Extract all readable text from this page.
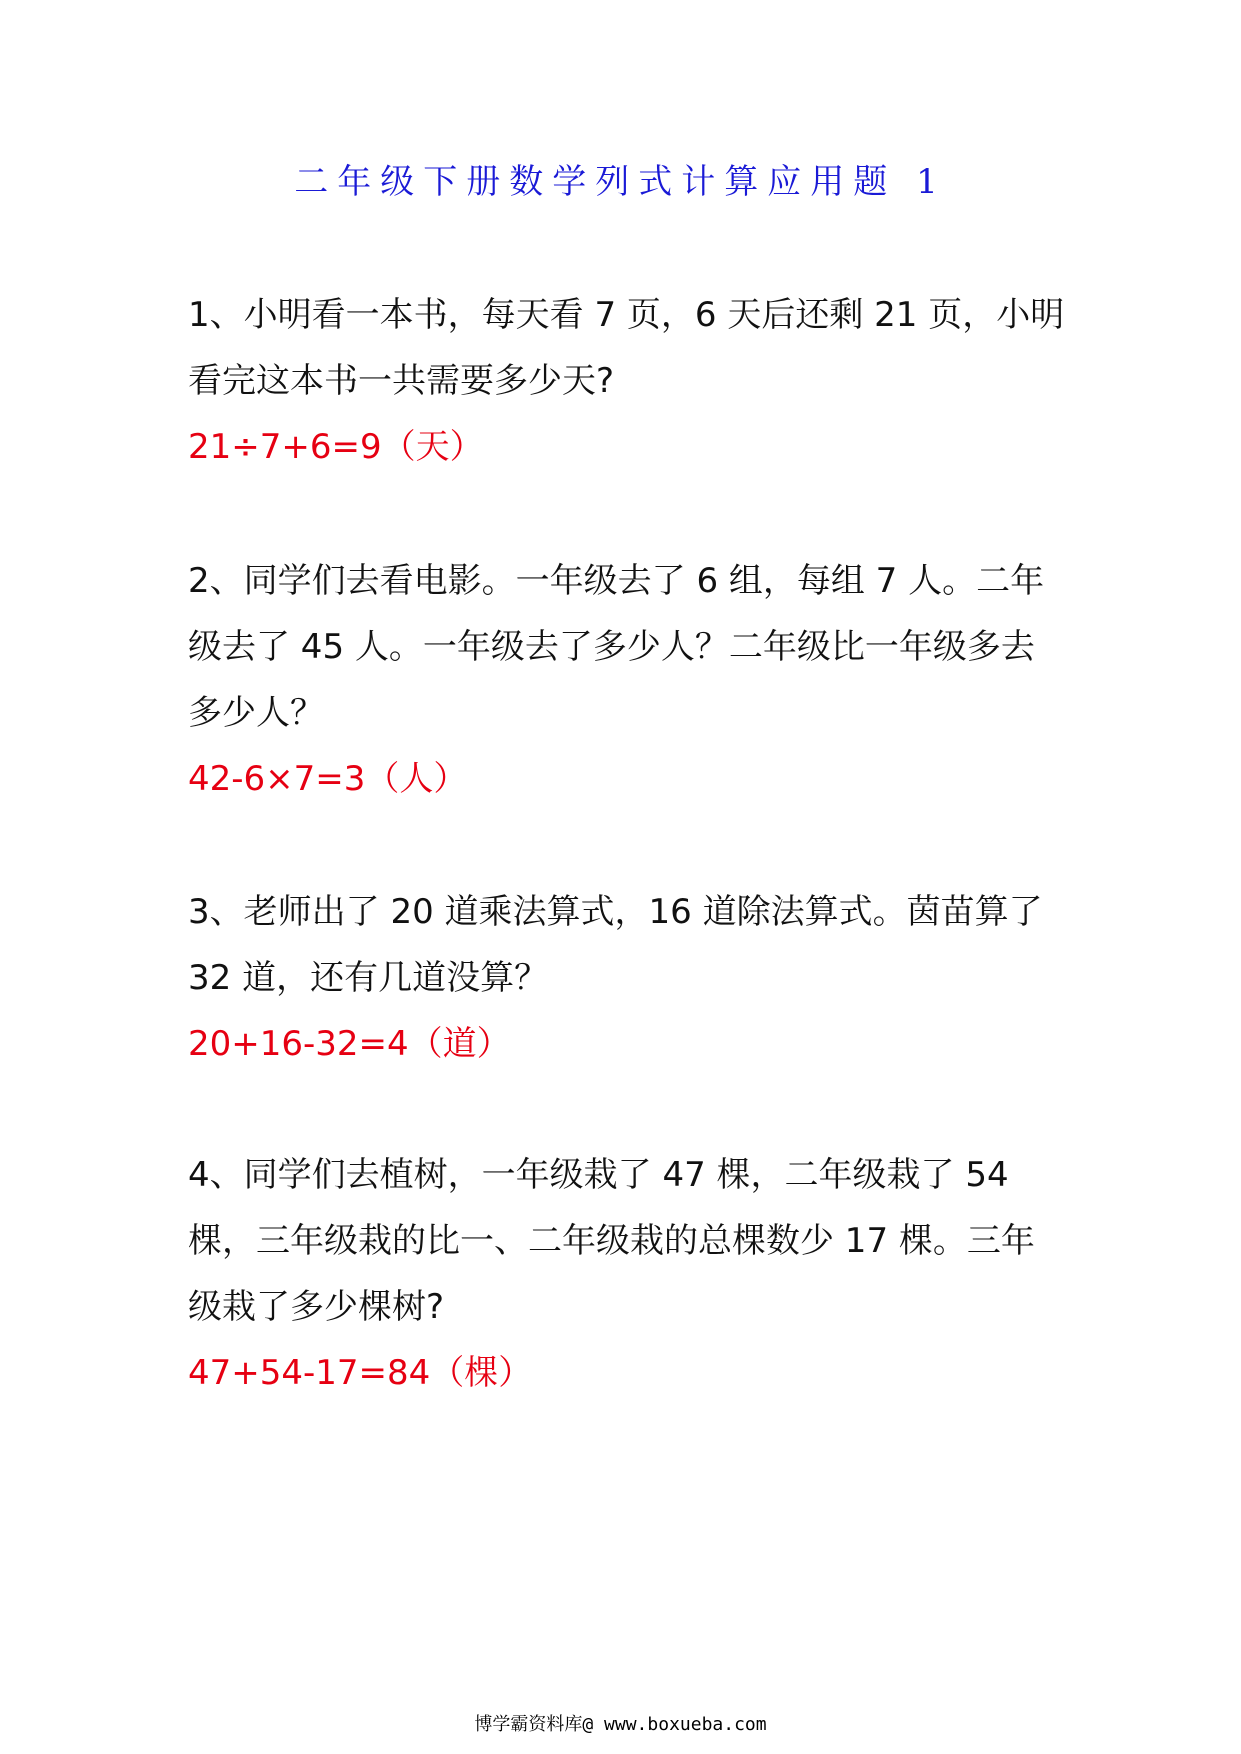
二年级下册数学列式计算应用题 1

1、小明看一本书，每天看 7 页，6 天后还剩 21 页，小明看完这本书一共需要多少天?

21÷7+6=9（天）

2、同学们去看电影。一年级去了 6 组，每组 7 人。二年级去了 45 人。一年级去了多少人？二年级比一年级多去多少人？

42-6×7=3（人）

3、老师出了 20 道乘法算式，16 道除法算式。茵苗算了 32 道，还有几道没算？

20+16-32=4（道）

4、同学们去植树，一年级栽了 47 棵，二年级栽了 54 棵，三年级栽的比一、二年级栽的总棵数少 17 棵。三年级栽了多少棵树?

47+54-17=84（棵）

博学霸资料库@ www.boxueba.com
